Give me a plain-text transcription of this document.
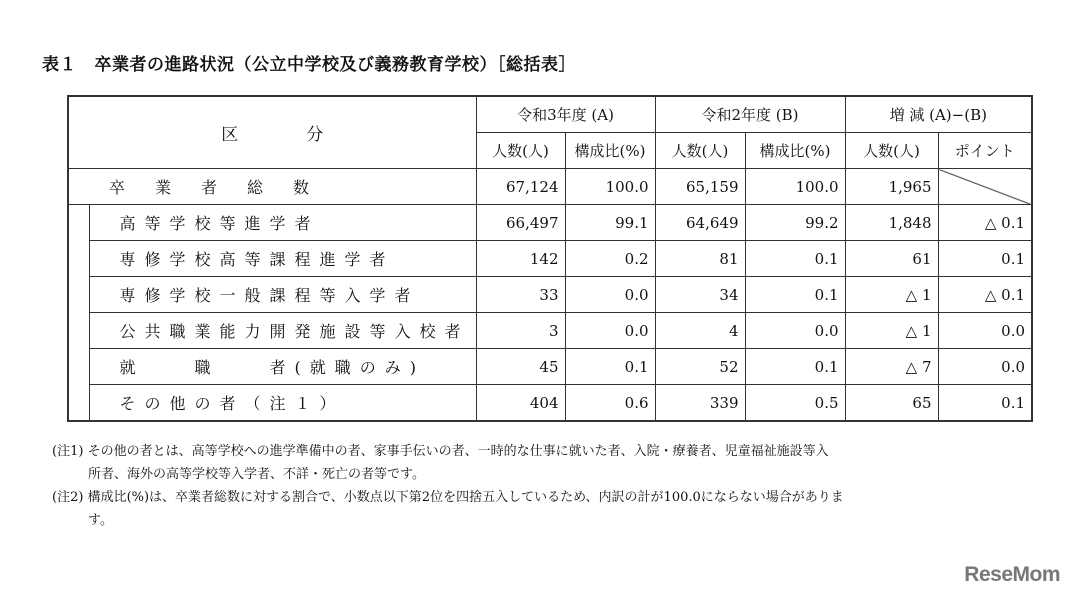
表１　卒業者の進路状況（公立中学校及び義務教育学校）［総括表］
区　　　　分		令和3年度 (A)		令和2年度 (B)		増 減 (A)−(B)	
		人数(人)	構成比(%)	人数(人)	構成比(%)	人数(人)	ポイント
卒業者総数		67,124	100.0	65,159	100.0	1,965	
	高等学校等進学者	66,497	99.1	64,649	99.2	1,848	△ 0.1
	専修学校高等課程進学者	142	0.2	81	0.1	61	0.1
	専修学校一般課程等入学者	33	0.0	34	0.1	△ 1	△ 0.1
	公共職業能力開発施設等入校者	3	0.0	4	0.0	△ 1	0.0
	就　　職　　者(就職のみ)	45	0.1	52	0.1	△ 7	0.0
	その他の者（注１）	404	0.6	339	0.5	65	0.1
(注1) その他の者とは、高等学校への進学準備中の者、家事手伝いの者、一時的な仕事に就いた者、入院・療養者、児童福祉施設等入
所者、海外の高等学校等入学者、不詳・死亡の者等です。
(注2) 構成比(%)は、卒業者総数に対する割合で、小数点以下第2位を四捨五入しているため、内訳の計が100.0にならない場合がありま
す。
ReseMom
